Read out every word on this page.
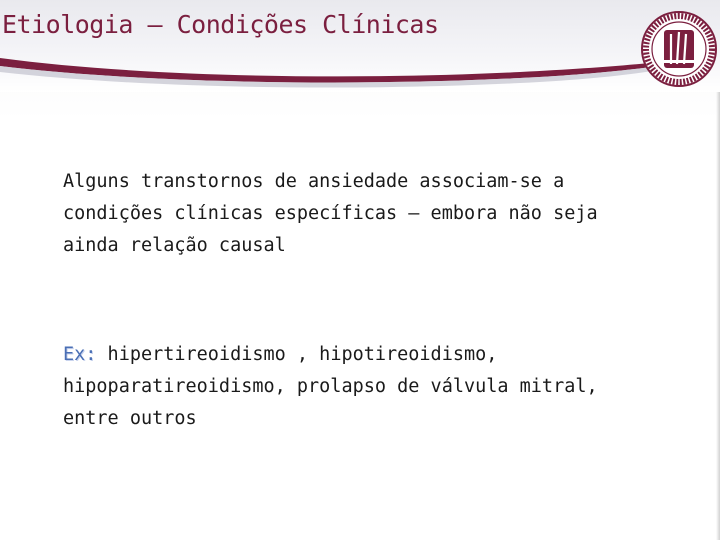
Etiologia – Condições Clínicas
Alguns transtornos de ansiedade associam-se a
condições clínicas específicas – embora não seja
ainda relação causal
Ex: hipertireoidismo , hipotireoidismo,
hipoparatireoidismo, prolapso de válvula mitral,
entre outros
